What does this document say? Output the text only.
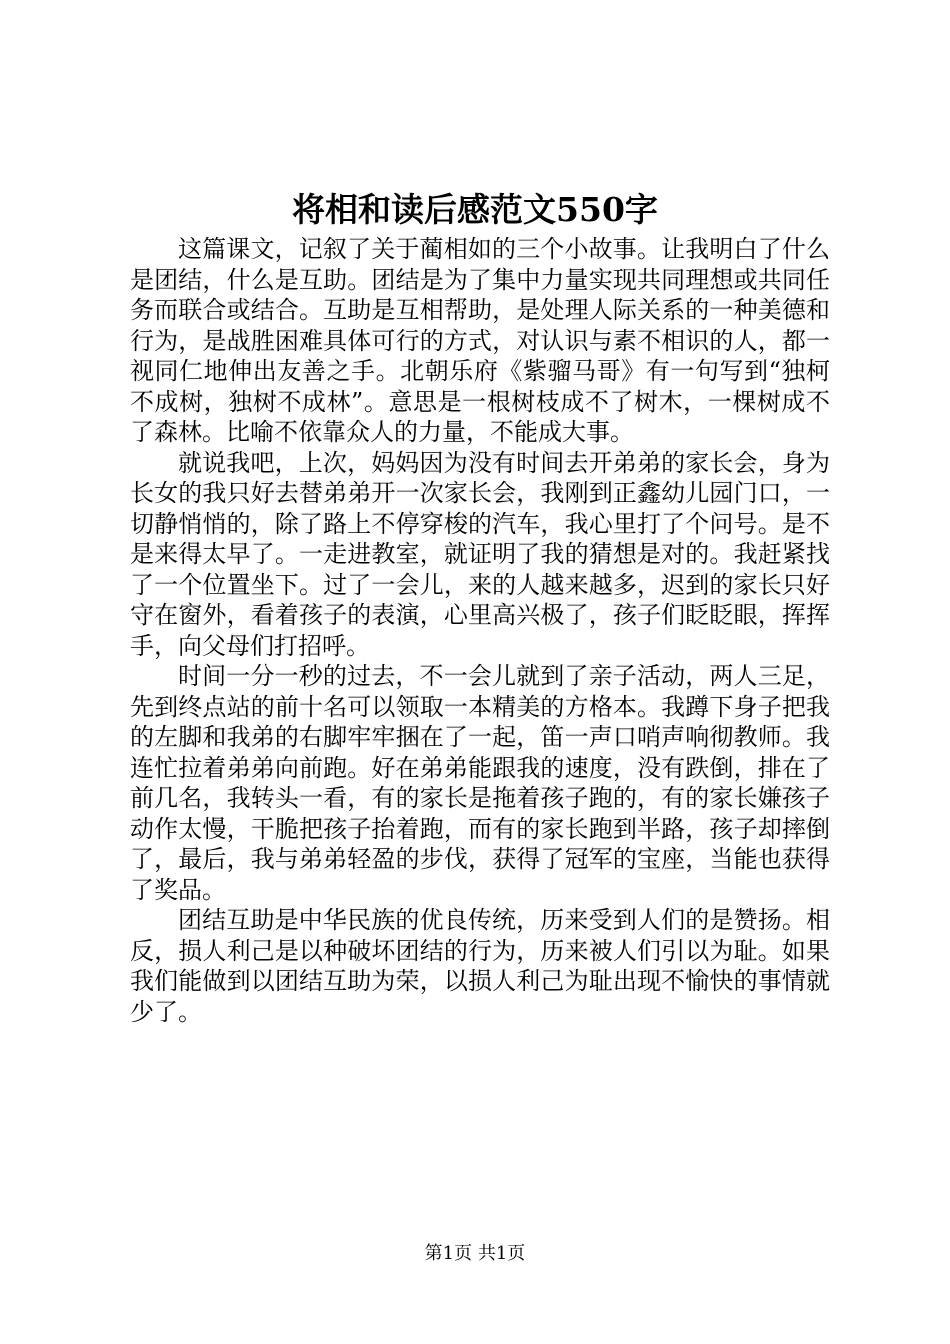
将相和读后感范文550字

这篇课文，记叙了关于蔺相如的三个小故事。让我明白了什么是团结，什么是互助。团结是为了集中力量实现共同理想或共同任务而联合或结合。互助是互相帮助，是处理人际关系的一种美德和行为，是战胜困难具体可行的方式，对认识与素不相识的人，都一视同仁地伸出友善之手。北朝乐府《紫骝马哥》有一句写到“独柯不成树，独树不成林”。意思是一根树枝成不了树木，一棵树成不了森林。比喻不依靠众人的力量，不能成大事。

就说我吧，上次，妈妈因为没有时间去开弟弟的家长会，身为长女的我只好去替弟弟开一次家长会，我刚到正鑫幼儿园门口，一切静悄悄的，除了路上不停穿梭的汽车，我心里打了个问号。是不是来得太早了。一走进教室，就证明了我的猜想是对的。我赶紧找了一个位置坐下。过了一会儿，来的人越来越多，迟到的家长只好守在窗外，看着孩子的表演，心里高兴极了，孩子们眨眨眼，挥挥手，向父母们打招呼。

时间一分一秒的过去，不一会儿就到了亲子活动，两人三足，先到终点站的前十名可以领取一本精美的方格本。我蹲下身子把我的左脚和我弟的右脚牢牢捆在了一起，笛一声口哨声响彻教师。我连忙拉着弟弟向前跑。好在弟弟能跟我的速度，没有跌倒，排在了前几名，我转头一看，有的家长是拖着孩子跑的，有的家长嫌孩子动作太慢，干脆把孩子抬着跑，而有的家长跑到半路，孩子却摔倒了，最后，我与弟弟轻盈的步伐，获得了冠军的宝座，当能也获得了奖品。

团结互助是中华民族的优良传统，历来受到人们的是赞扬。相反，损人利己是以种破坏团结的行为，历来被人们引以为耻。如果我们能做到以团结互助为荣，以损人利己为耻出现不愉快的事情就少了。

第1页 共1页
